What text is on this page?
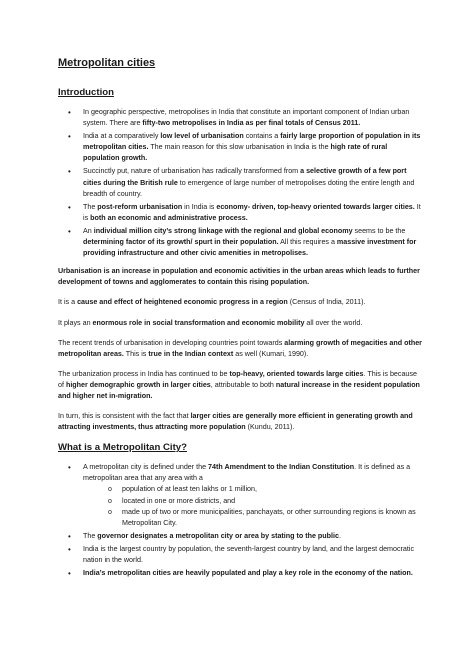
Metropolitan cities
Introduction
• In geographic perspective, metropolises in India that constitute an important component of Indian urban system. There are fifty-two metropolises in India as per final totals of Census 2011.
• India at a comparatively low level of urbanisation contains a fairly large proportion of population in its metropolitan cities. The main reason for this slow urbanisation in India is the high rate of rural population growth.
• Succinctly put, nature of urbanisation has radically transformed from a selective growth of a few port cities during the British rule to emergence of large number of metropolises doting the entire length and breadth of country.
• The post-reform urbanisation in India is economy- driven, top-heavy oriented towards larger cities. It is both an economic and administrative process.
• An individual million city’s strong linkage with the regional and global economy seems to be the determining factor of its growth/ spurt in their population. All this requires a massive investment for providing infrastructure and other civic amenities in metropolises.

Urbanisation is an increase in population and economic activities in the urban areas which leads to further development of towns and agglomerates to contain this rising population.

It is a cause and effect of heightened economic progress in a region (Census of India, 2011).

It plays an enormous role in social transformation and economic mobility all over the world.

The recent trends of urbanisation in developing countries point towards alarming growth of megacities and other metropolitan areas. This is true in the Indian context as well (Kumari, 1990).

The urbanization process in India has continued to be top-heavy, oriented towards large cities. This is because of higher demographic growth in larger cities, attributable to both natural increase in the resident population and higher net in-migration.

In turn, this is consistent with the fact that larger cities are generally more efficient in generating growth and attracting investments, thus attracting more population (Kundu, 2011).

What is a Metropolitan City?
• A metropolitan city is defined under the 74th Amendment to the Indian Constitution. It is defined as a metropolitan area that any area with a
o population of at least ten lakhs or 1 million,
o located in one or more districts, and
o made up of two or more municipalities, panchayats, or other surrounding regions is known as Metropolitan City.
• The governor designates a metropolitan city or area by stating to the public.
• India is the largest country by population, the seventh-largest country by land, and the largest democratic nation in the world.
• India’s metropolitan cities are heavily populated and play a key role in the economy of the nation.
